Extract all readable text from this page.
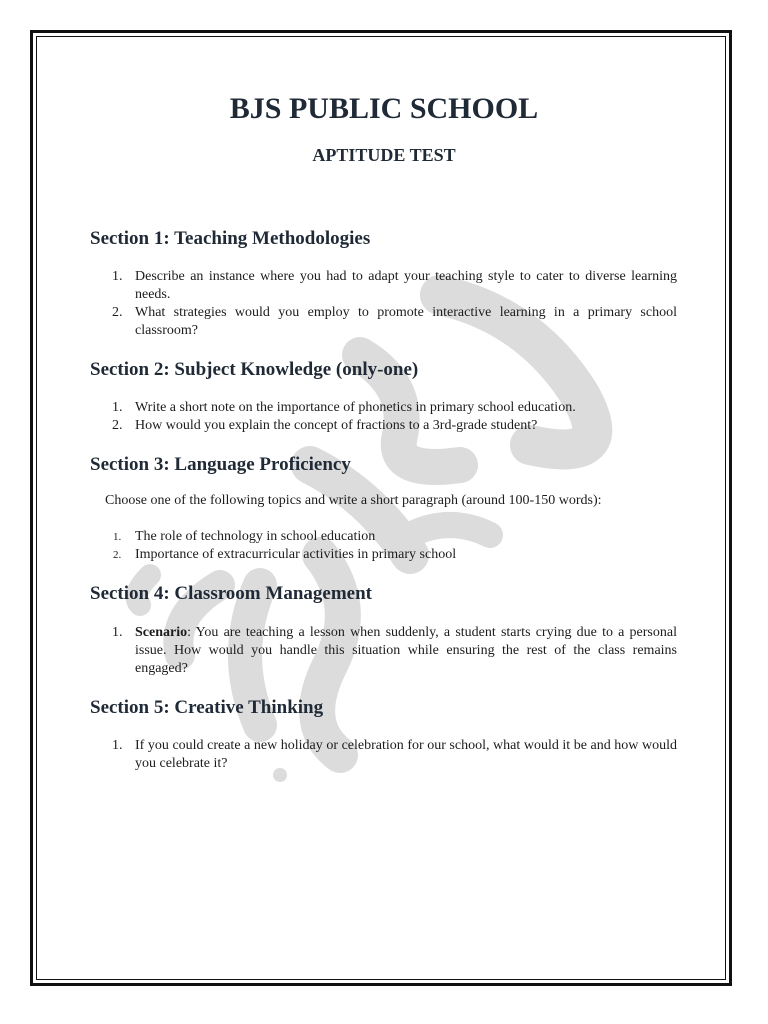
BJS PUBLIC SCHOOL
APTITUDE TEST
Section 1: Teaching Methodologies
1. Describe an instance where you had to adapt your teaching style to cater to diverse learning needs.
2. What strategies would you employ to promote interactive learning in a primary school classroom?
Section 2: Subject Knowledge (only-one)
1. Write a short note on the importance of phonetics in primary school education.
2. How would you explain the concept of fractions to a 3rd-grade student?
Section 3: Language Proficiency

Choose one of the following topics and write a short paragraph (around 100-150 words):

1. The role of technology in school education
2. Importance of extracurricular activities in primary school
Section 4: Classroom Management
1. Scenario: You are teaching a lesson when suddenly, a student starts crying due to a personal issue. How would you handle this situation while ensuring the rest of the class remains engaged?
Section 5: Creative Thinking
1. If you could create a new holiday or celebration for our school, what would it be and how would you celebrate it?
